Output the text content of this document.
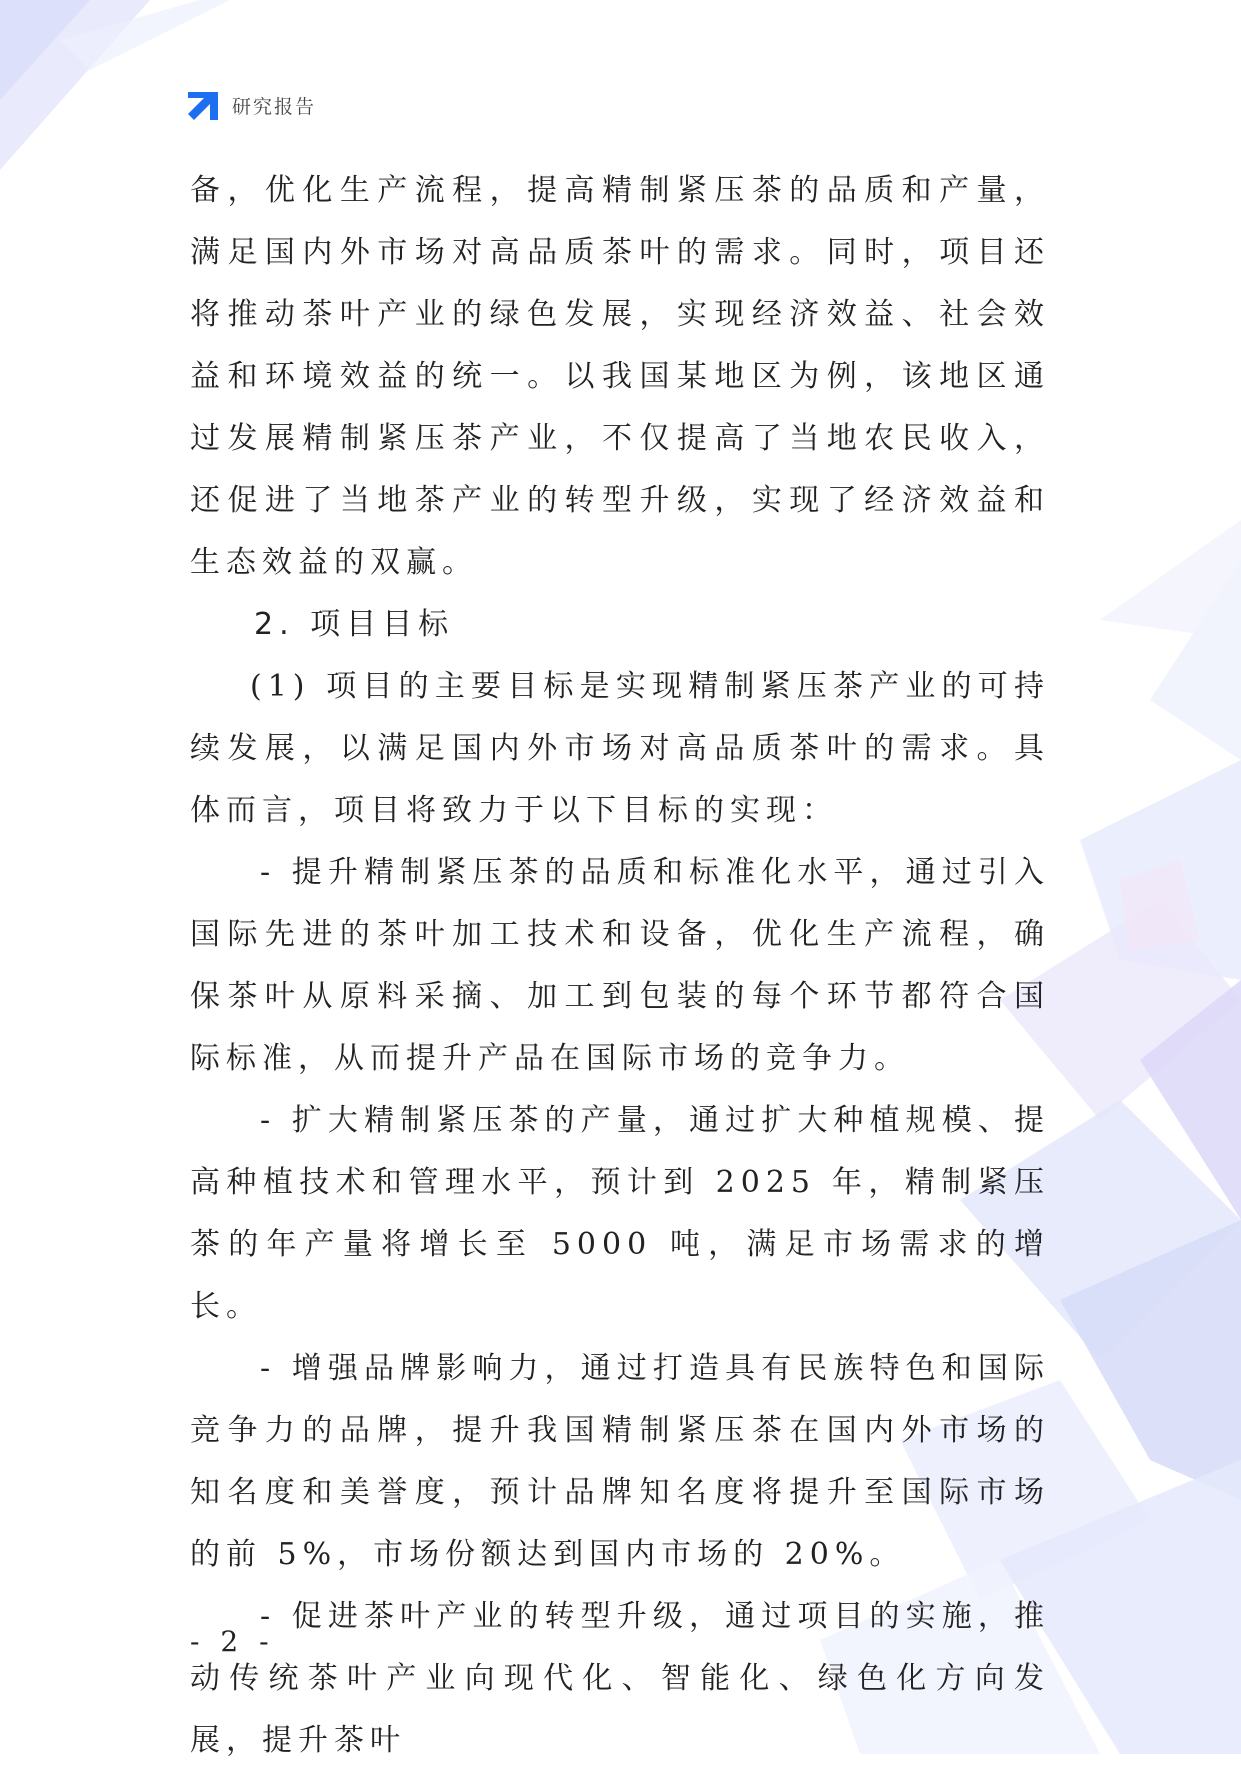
研究报告

备，优化生产流程，提高精制紧压茶的品质和产量，满足国内外市场对高品质茶叶的需求。同时，项目还将推动茶叶产业的绿色发展，实现经济效益、社会效益和环境效益的统一。以我国某地区为例，该地区通过发展精制紧压茶产业，不仅提高了当地农民收入，还促进了当地茶产业的转型升级，实现了经济效益和生态效益的双赢。

2. 项目目标

(1) 项目的主要目标是实现精制紧压茶产业的可持续发展，以满足国内外市场对高品质茶叶的需求。具体而言，项目将致力于以下目标的实现：

- 提升精制紧压茶的品质和标准化水平，通过引入国际先进的茶叶加工技术和设备，优化生产流程，确保茶叶从原料采摘、加工到包装的每个环节都符合国际标准，从而提升产品在国际市场的竞争力。

- 扩大精制紧压茶的产量，通过扩大种植规模、提高种植技术和管理水平，预计到 2025 年，精制紧压茶的年产量将增长至 5000 吨，满足市场需求的增长。

- 增强品牌影响力，通过打造具有民族特色和国际竞争力的品牌，提升我国精制紧压茶在国内外市场的知名度和美誉度，预计品牌知名度将提升至国际市场的前 5%，市场份额达到国内市场的 20%。

- 促进茶叶产业的转型升级，通过项目的实施，推动传统茶叶产业向现代化、智能化、绿色化方向发展，提升茶叶

- 2 -
